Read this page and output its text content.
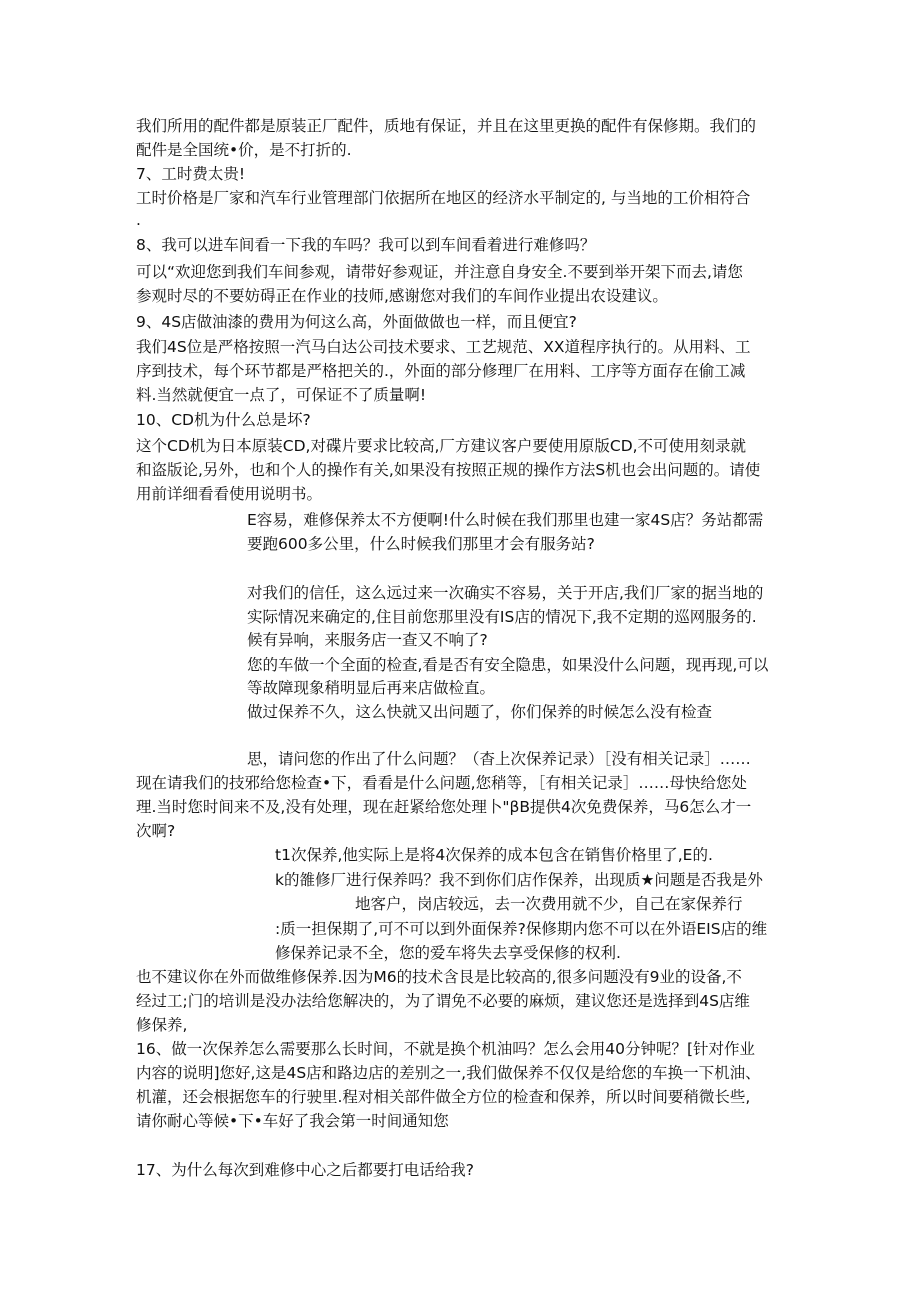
我们所用的配件都是原装正厂配件，质地有保证，并且在这里更换的配件有保修期。我们的
配件是全国统•价，是不打折的.
7、工时费太贵!
工时价格是厂家和汽车行业管理部门依据所在地区的经济水平制定的, 与当地的工价相符合
.
8、我可以进车间看一下我的车吗？我可以到车间看着进行难修吗？
可以“欢迎您到我们车间参观，请带好参观证，并注意自身安全.不要到举开架下而去,请您
参观时尽的不要妨碍正在作业的技师,感谢您对我们的车间作业提出农设建议。
9、4S店做油漆的费用为何这么高，外面做做也一样，而且便宜?
我们4S位是严格按照一汽马白达公司技术要求、工艺规范、XX道程序执行的。从用料、工
序到技术，每个环节都是严格把关的.，外面的部分修理厂在用料、工序等方面存在偷工减
料.当然就便宜一点了，可保证不了质量啊!
10、CD机为什么总是坏?
这个CD机为日本原装CD,对碟片要求比较高,厂方建议客户要使用原版CD,不可使用刻录就
和盗版论,另外，也和个人的操作有关,如果没有按照正规的操作方法S机也会出问题的。请使
用前详细看看使用说明书。
E容易，难修保养太不方便啊!什么时候在我们那里也建一家4S店？务站都需
要跑600多公里，什么时候我们那里才会有服务站?
对我们的信任，这么远过来一次确实不容易，关于开店,我们厂家的据当地的
实际情况来确定的,住目前您那里没有IS店的情况下,我不定期的巡网服务的.
候有异响，来服务店一查又不响了?
您的车做一个全面的检查,看是否有安全隐患，如果没什么问题，现再现,可以
等故障现象稍明显后再来店做检直。
做过保养不久，这么快就又出问题了，你们保养的时候怎么没有检查
思，请问您的作出了什么问题？（杳上次保养记录）［没有相关记录］……
现在请我们的技邪给您检查•下，看看是什么问题,您稍等，［有相关记录］……母快给您处
理.当时您时间来不及,没有处理，现在赶紧给您处理卜"βB提供4次免费保养，马6怎么才一
次啊?
t1次保养,他实际上是将4次保养的成本包含在销售价格里了,E的.
k的雒修厂进行保养吗？我不到你们店作保养，出现质★问题是否我是外
地客户，岗店较远，去一次费用就不少，自己在家保养行
:质一担保期了,可不可以到外面保养?保修期内您不可以在外语EIS店的维
修保养记录不全，您的爱车将失去享受保修的权利.
也不建议你在外而做维修保养.因为M6的技术含艮是比较高的,很多问题没有9业的设备,不
经过工;门的培训是没办法给您解决的，为了谓免不必要的麻烦，建议您还是选择到4S店维
修保养,
16、做一次保养怎么需要那么长时间，不就是换个机油吗？怎么会用40分钟呢？[针对作业
内容的说明]您好,这是4S店和路边店的差别之一,我们做保养不仅仅是给您的车换一下机油、
机灌，还会根据您车的行驶里.程对相关部件做全方位的检查和保养，所以时间要稍微长些,
请你耐心等候•下•车好了我会第一时间通知您
17、为什么每次到难修中心之后都要打电话给我?
